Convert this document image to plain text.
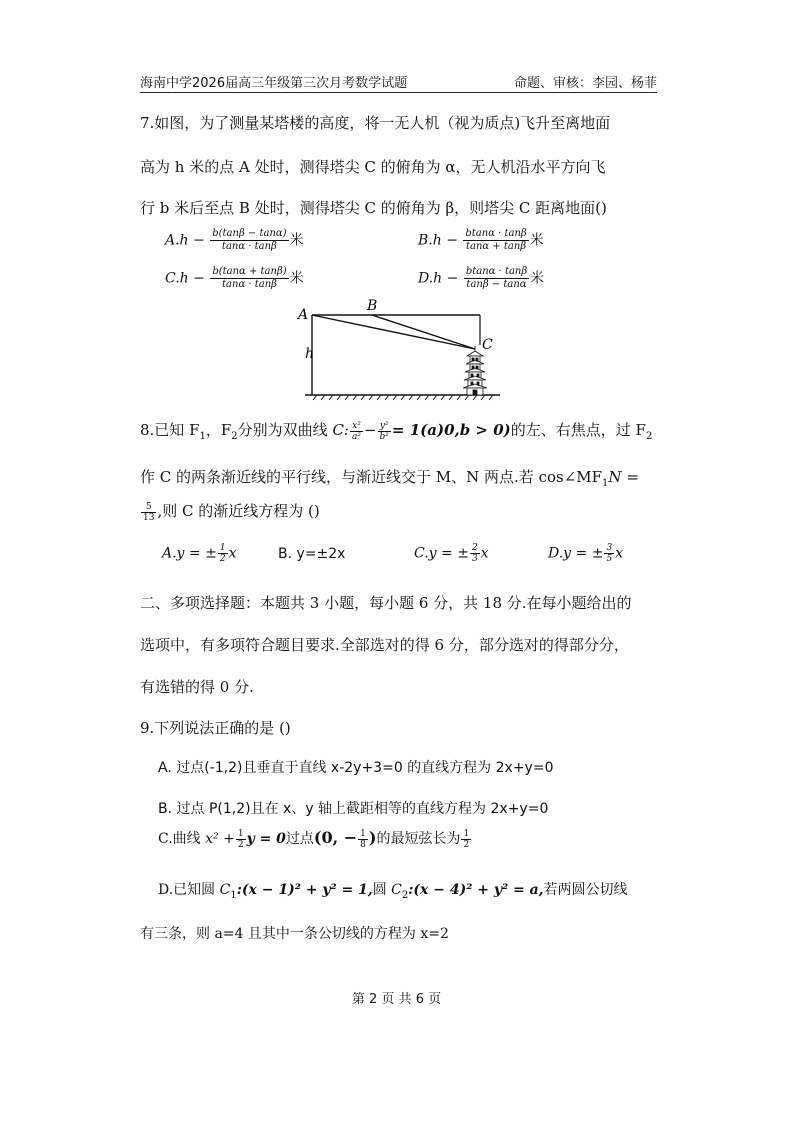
海南中学2026届高三年级第三次月考数学试题	命题、审核：李园、杨菲
7.如图，为了测量某塔楼的高度，将一无人机（视为质点)飞升至离地面
高为 h 米的点 A 处时，测得塔尖 C 的俯角为 α，无人机沿水平方向飞
行 b 米后至点 B 处时，测得塔尖 C 的俯角为 β，则塔尖 C 距离地面()
$A.h - \frac{b(\tan\beta - \tan\alpha)}{\tan\alpha \cdot \tan\beta}$ 米	$B.h - \frac{btan\alpha \cdot \tan\beta}{\tan\alpha + \tan\beta}$ 米
$C.h - \frac{b(\tan\alpha + \tan\beta)}{\tan\alpha \cdot \tan\beta}$ 米	$D.h - \frac{btan\alpha \cdot \tan\beta}{\tan\beta - \tan\alpha}$ 米
A
B
C
h
8.已知 $F_1$，$F_2$分别为双曲线 C: $\frac{\text{x²}}{\text{a²}} - \frac{\text{y²}}{\text{b²}} = 1(a)0,b > 0$)的左、右焦点，过 $F_2$
作 C 的两条渐近线的平行线，与渐近线交于 M、N 两点.若 $\cos\angle MF_1N$ =
$\frac{5}{13}$ ,则 C 的渐近线方程为 ()
A.y = ± $\frac{1}{2}$ x	B. y=±2x	C.y = ± $\frac{2}{3}$ x	D.y = ± $\frac{3}{5}$ x
二、多项选择题：本题共 3 小题，每小题 6 分，共 18 分.在每小题给出的
选项中，有多项符合题目要求.全部选对的得 6 分，部分选对的得部分分，
有选错的得 0 分.
9.下列说法正确的是 ()
A. 过点(-1,2)且垂直于直线 x-2y+3=0 的直线方程为 2x+y=0
B. 过点 P(1,2)且在 x、y 轴上截距相等的直线方程为 2x+y=0
C.曲线 $x^2 + \frac{1}{2}$ y = 0过点(0, − $\frac{1}{8}$ )的最短弦长为 $\frac{1}{2}$
D.已知圆 $C_1:(x - 1)^2 + y^2 = 1$,圆 $C_2:(x - 4)^2 + y^2 = a$,若两圆公切线
有三条，则 a=4 且其中一条公切线的方程为 x=2
第 2 页 共 6 页
